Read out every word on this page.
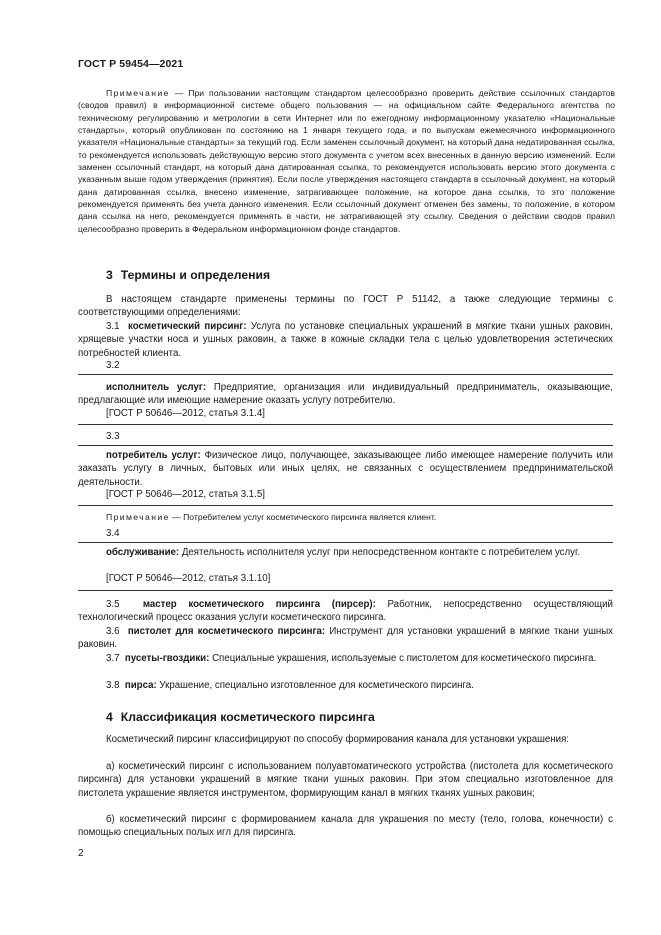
ГОСТ Р 59454—2021

Примечание — При пользовании настоящим стандартом целесообразно проверить действие ссылочных стандартов (сводов правил) в информационной системе общего пользования — на официальном сайте Федерального агентства по техническому регулированию и метрологии в сети Интернет или по ежегодному информационному указателю «Национальные стандарты», который опубликован по состоянию на 1 января текущего года, и по выпускам ежемесячного информационного указателя «Национальные стандарты» за текущий год. Если заменен ссылочный документ, на который дана недатированная ссылка, то рекомендуется использовать действующую версию этого документа с учетом всех внесенных в данную версию изменений. Если заменен ссылочный стандарт, на который дана датированная ссылка, то рекомендуется использовать версию этого документа с указанным выше годом утверждения (принятия). Если после утверждения настоящего стандарта в ссылочный документ, на который дана датированная ссылка, внесено изменение, затрагивающее положение, на которое дана ссылка, то это положение рекомендуется применять без учета данного изменения. Если ссылочный документ отменен без замены, то положение, в котором дана ссылка на него, рекомендуется применять в части, не затрагивающей эту ссылку. Сведения о действии сводов правил целесообразно проверить в Федеральном информационном фонде стандартов.

3 Термины и определения

В настоящем стандарте применены термины по ГОСТ Р 51142, а также следующие термины с соответствующими определениями:

3.1 косметический пирсинг: Услуга по установке специальных украшений в мягкие ткани ушных раковин, хрящевые участки носа и ушных раковин, а также в кожные складки тела с целью удовлетворения эстетических потребностей клиента.

3.2

исполнитель услуг: Предприятие, организация или индивидуальный предприниматель, оказывающие, предлагающие или имеющие намерение оказать услугу потребителю.

[ГОСТ Р 50646—2012, статья 3.1.4]
3.3

потребитель услуг: Физическое лицо, получающее, заказывающее либо имеющее намерение получить или заказать услугу в личных, бытовых или иных целях, не связанных с осуществлением предпринимательской деятельности.

[ГОСТ Р 50646—2012, статья 3.1.5]
Примечание — Потребителем услуг косметического пирсинга является клиент.
3.4

обслуживание: Деятельность исполнителя услуг при непосредственном контакте с потребителем услуг.

[ГОСТ Р 50646—2012, статья 3.1.10]

3.5 мастер косметического пирсинга (пирсер): Работник, непосредственно осуществляющий технологический процесс оказания услуги косметического пирсинга.

3.6 пистолет для косметического пирсинга: Инструмент для установки украшений в мягкие ткани ушных раковин.

3.7 пусеты-гвоздики: Специальные украшения, используемые с пистолетом для косметического пирсинга.

3.8 пирса: Украшение, специально изготовленное для косметического пирсинга.

4 Классификация косметического пирсинга

Косметический пирсинг классифицируют по способу формирования канала для установки украшения:

а) косметический пирсинг с использованием полуавтоматического устройства (пистолета для косметического пирсинга) для установки украшений в мягкие ткани ушных раковин. При этом специально изготовленное для пистолета украшение является инструментом, формирующим канал в мягких тканях ушных раковин;

б) косметический пирсинг с формированием канала для украшения по месту (тело, голова, конечности) с помощью специальных полых игл для пирсинга.

2
